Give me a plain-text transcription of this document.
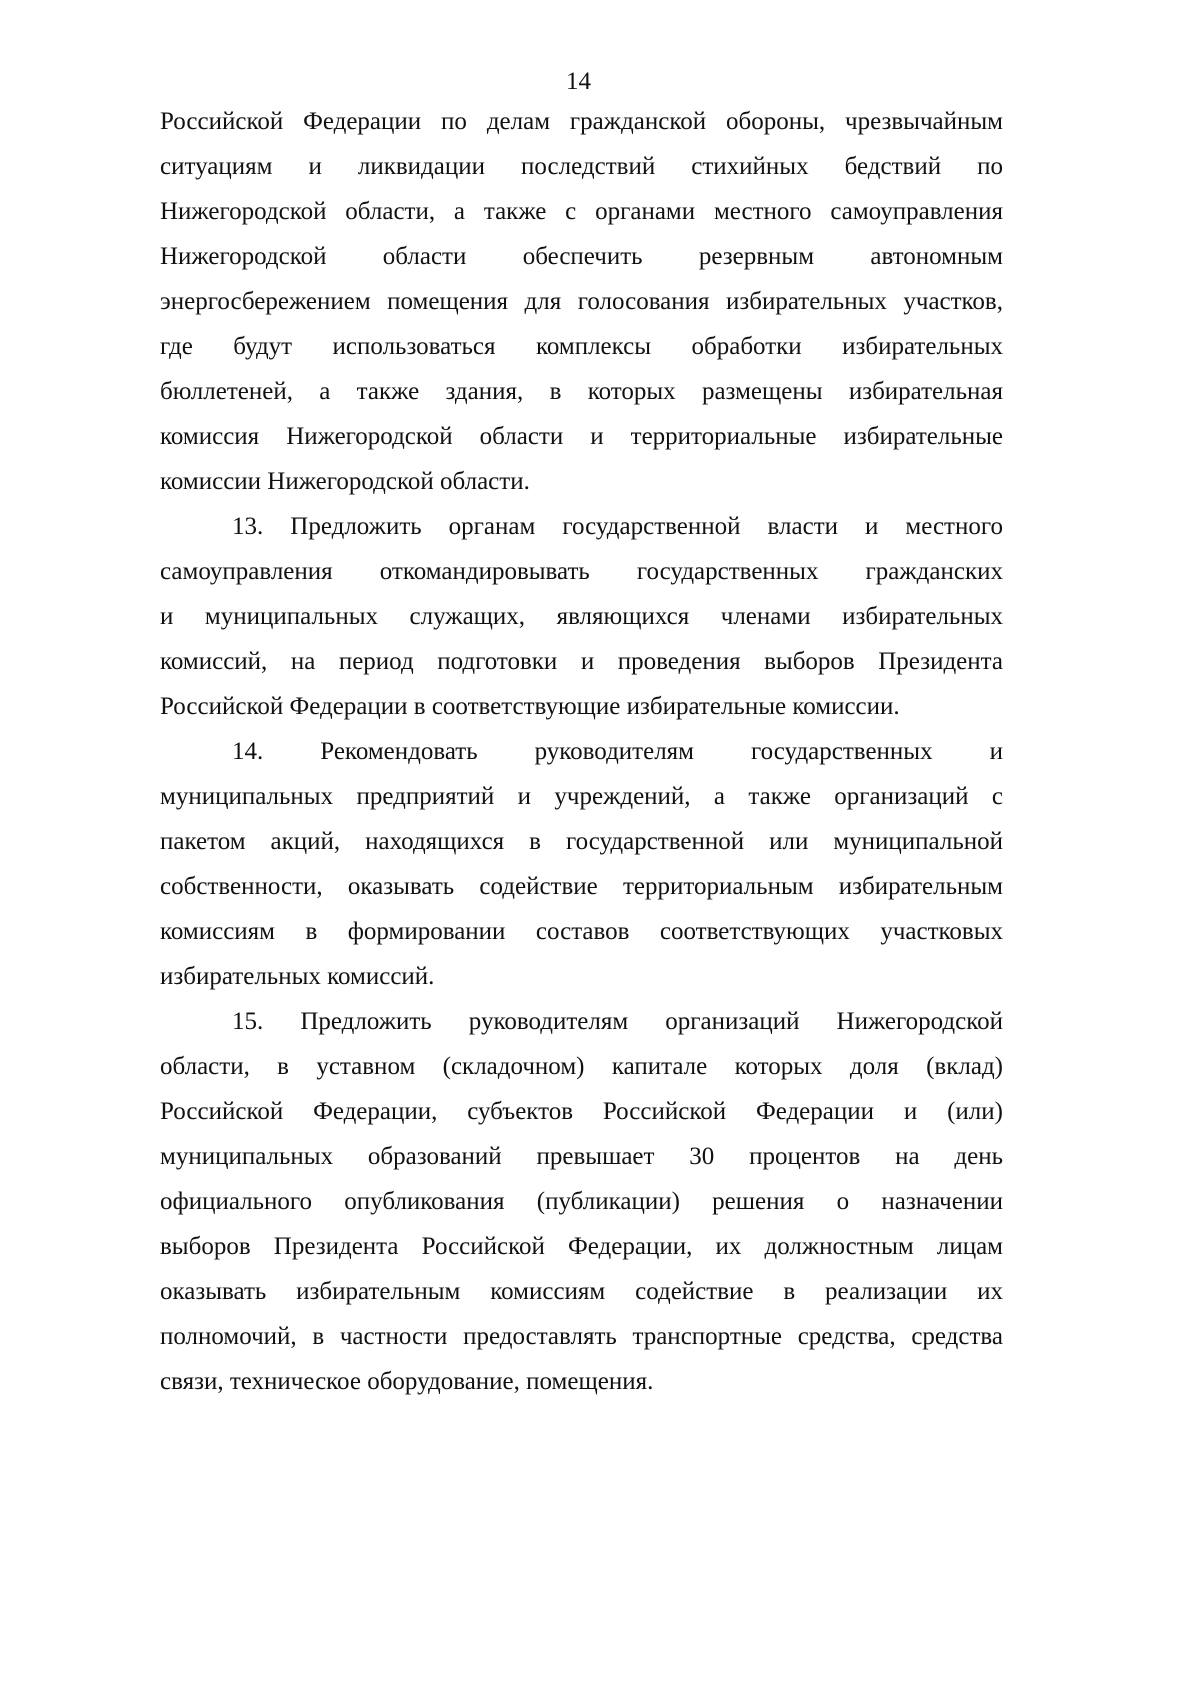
14
Российской Федерации по делам гражданской обороны, чрезвычайным
ситуациям и ликвидации последствий стихийных бедствий по
Нижегородской области, а также с органами местного самоуправления
Нижегородской области обеспечить резервным автономным
энергосбережением помещения для голосования избирательных участков,
где будут использоваться комплексы обработки избирательных
бюллетеней, а также здания, в которых размещены избирательная
комиссия Нижегородской области и территориальные избирательные
комиссии Нижегородской области.
13. Предложить органам государственной власти и местного
самоуправления откомандировывать государственных гражданских
и муниципальных служащих, являющихся членами избирательных
комиссий, на период подготовки и проведения выборов Президента
Российской Федерации в соответствующие избирательные комиссии.
14. Рекомендовать руководителям государственных и
муниципальных предприятий и учреждений, а также организаций с
пакетом акций, находящихся в государственной или муниципальной
собственности, оказывать содействие территориальным избирательным
комиссиям в формировании составов соответствующих участковых
избирательных комиссий.
15. Предложить руководителям организаций Нижегородской
области, в уставном (складочном) капитале которых доля (вклад)
Российской Федерации, субъектов Российской Федерации и (или)
муниципальных образований превышает 30 процентов на день
официального опубликования (публикации) решения о назначении
выборов Президента Российской Федерации, их должностным лицам
оказывать избирательным комиссиям содействие в реализации их
полномочий, в частности предоставлять транспортные средства, средства
связи, техническое оборудование, помещения.
